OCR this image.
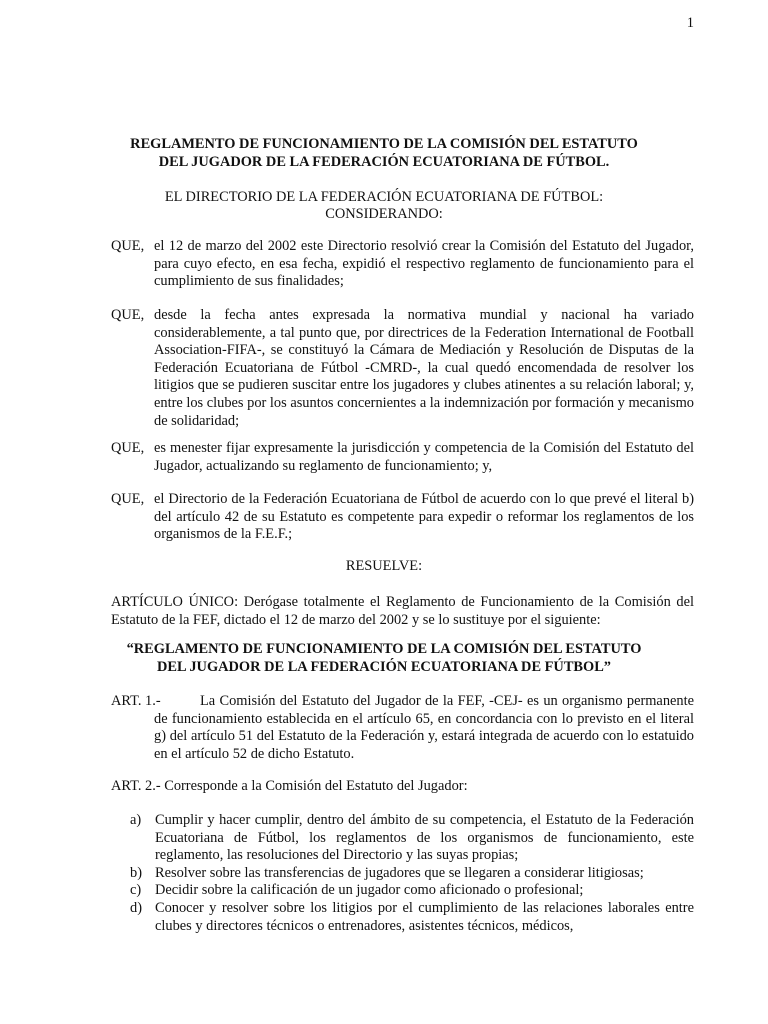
1
REGLAMENTO DE FUNCIONAMIENTO DE LA COMISIÓN DEL ESTATUTO
DEL JUGADOR DE LA FEDERACIÓN ECUATORIANA DE FÚTBOL.
EL DIRECTORIO DE LA FEDERACIÓN ECUATORIANA DE FÚTBOL:
CONSIDERANDO:
QUE, el 12 de marzo del 2002 este Directorio resolvió crear la Comisión del Estatuto del Jugador, para cuyo efecto, en esa fecha, expidió el respectivo reglamento de funcionamiento para el cumplimiento de sus finalidades;
QUE, desde la fecha antes expresada la normativa mundial y nacional ha variado considerablemente, a tal punto que, por directrices de la Federation International de Football Association-FIFA-, se constituyó la Cámara de Mediación y Resolución de Disputas de la Federación Ecuatoriana de Fútbol -CMRD-, la cual quedó encomendada de resolver los litigios que se pudieren suscitar entre los jugadores y clubes atinentes a su relación laboral; y, entre los clubes por los asuntos concernientes a la indemnización por formación y mecanismo de solidaridad;
QUE, es menester fijar expresamente la jurisdicción y competencia de la Comisión del Estatuto del Jugador, actualizando su reglamento de funcionamiento; y,
QUE, el Directorio de la Federación Ecuatoriana de Fútbol de acuerdo con lo que prevé el literal b) del artículo 42 de su Estatuto es competente para expedir o reformar los reglamentos de los organismos de la F.E.F.;
RESUELVE:
ARTÍCULO ÚNICO: Derógase totalmente el Reglamento de Funcionamiento de la Comisión del Estatuto de la FEF, dictado el 12 de marzo del 2002 y se lo sustituye por el siguiente:
“REGLAMENTO DE FUNCIONAMIENTO DE LA COMISIÓN DEL ESTATUTO
DEL JUGADOR DE LA FEDERACIÓN ECUATORIANA DE FÚTBOL”
ART. 1.-	La Comisión del Estatuto del Jugador de la FEF, -CEJ- es un organismo permanente de funcionamiento establecida en el artículo 65, en concordancia con lo previsto en el literal g) del artículo 51 del Estatuto de la Federación y, estará integrada de acuerdo con lo estatuido en el artículo 52 de dicho Estatuto.
ART. 2.- Corresponde a la Comisión del Estatuto del Jugador:
a) Cumplir y hacer cumplir, dentro del ámbito de su competencia, el Estatuto de la Federación Ecuatoriana de Fútbol, los reglamentos de los organismos de funcionamiento, este reglamento, las resoluciones del Directorio y las suyas propias;
b) Resolver sobre las transferencias de jugadores que se llegaren a considerar litigiosas;
c) Decidir sobre la calificación de un jugador como aficionado o profesional;
d) Conocer y resolver sobre los litigios por el cumplimiento de las relaciones laborales entre clubes y directores técnicos o entrenadores, asistentes técnicos, médicos,
